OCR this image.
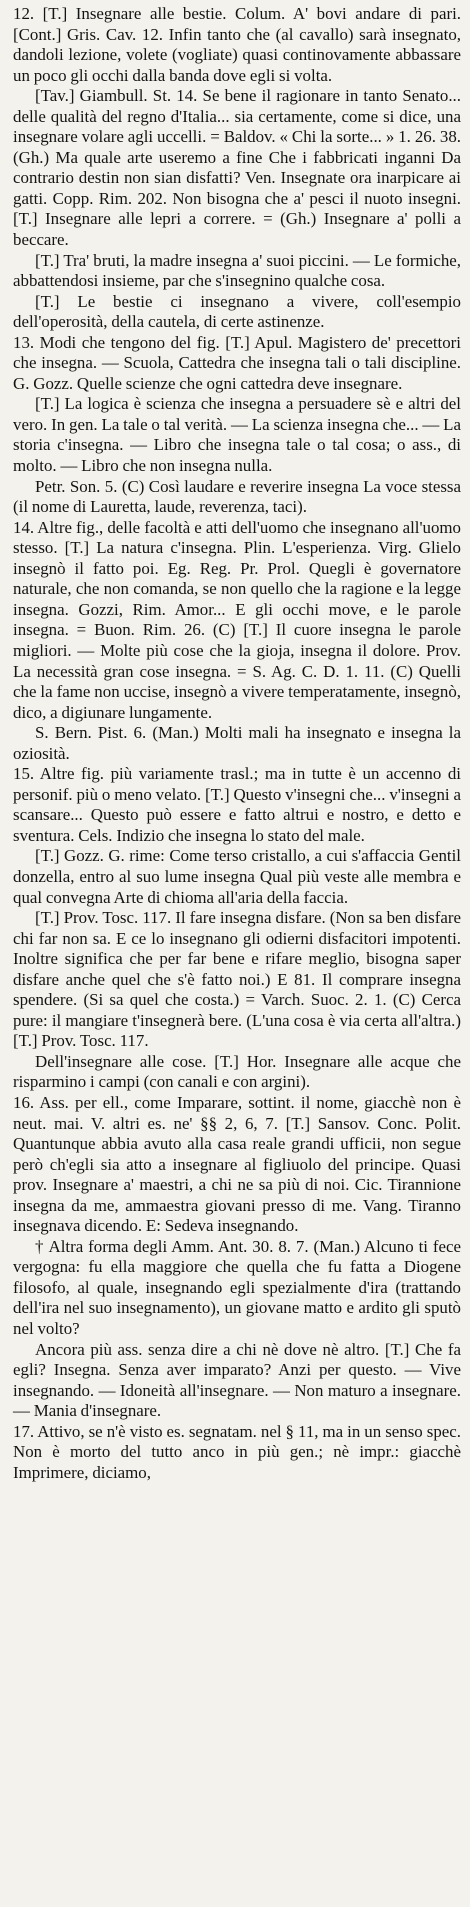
12. [T.] Insegnare alle bestie. Colum. A' bovi andare di pari. [Cont.] Gris. Cav. 12. Infin tanto che (al cavallo) sarà insegnato, dandoli lezione, volete (vogliate) quasi continovamente abbassare un poco gli occhi dalla banda dove egli si volta.

[Tav.] Giambull. St. 14. Se bene il ragionare in tanto Senato... delle qualità del regno d'Italia... sia certamente, come si dice, una insegnare volare agli uccelli. = Baldov. « Chi la sorte... » 1. 26. 38. (Gh.) Ma quale arte useremo a fine Che i fabbricati inganni Da contrario destin non sian disfatti? Ven. Insegnate ora inarpicare ai gatti. Copp. Rim. 202. Non bisogna che a' pesci il nuoto insegni. [T.] Insegnare alle lepri a correre. = (Gh.) Insegnare a' polli a beccare.

[T.] Tra' bruti, la madre insegna a' suoi piccini. — Le formiche, abbattendosi insieme, par che s'insegnino qualche cosa.

[T.] Le bestie ci insegnano a vivere, coll'esempio dell'operosità, della cautela, di certe astinenze.

13. Modi che tengono del fig. [T.] Apul. Magistero de' precettori che insegna. — Scuola, Cattedra che insegna tali o tali discipline. G. Gozz. Quelle scienze che ogni cattedra deve insegnare.

[T.] La logica è scienza che insegna a persuadere sè e altri del vero. In gen. La tale o tal verità. — La scienza insegna che... — La storia c'insegna. — Libro che insegna tale o tal cosa; o ass., di molto. — Libro che non insegna nulla.

Petr. Son. 5. (C) Così laudare e reverire insegna La voce stessa (il nome di Lauretta, laude, reverenza, taci).

14. Altre fig., delle facoltà e atti dell'uomo che insegnano all'uomo stesso. [T.] La natura c'insegna. Plin. L'esperienza. Virg. Glielo insegnò il fatto poi. Eg. Reg. Pr. Prol. Quegli è governatore naturale, che non comanda, se non quello che la ragione e la legge insegna. Gozzi, Rim. Amor... E gli occhi move, e le parole insegna. = Buon. Rim. 26. (C) [T.] Il cuore insegna le parole migliori. — Molte più cose che la gioja, insegna il dolore. Prov. La necessità gran cose insegna. = S. Ag. C. D. 1. 11. (C) Quelli che la fame non uccise, insegnò a vivere temperatamente, insegnò, dico, a digiunare lungamente.

S. Bern. Pist. 6. (Man.) Molti mali ha insegnato e insegna la oziosità.

15. Altre fig. più variamente trasl.; ma in tutte è un accenno di personif. più o meno velato. [T.] Questo v'insegni che... v'insegni a scansare... Questo può essere e fatto altrui e nostro, e detto e sventura. Cels. Indizio che insegna lo stato del male.

[T.] Gozz. G. rime: Come terso cristallo, a cui s'affaccia Gentil donzella, entro al suo lume insegna Qual più veste alle membra e qual convegna Arte di chioma all'aria della faccia.

[T.] Prov. Tosc. 117. Il fare insegna disfare. (Non sa ben disfare chi far non sa. E ce lo insegnano gli odierni disfacitori impotenti. Inoltre significa che per far bene e rifare meglio, bisogna saper disfare anche quel che s'è fatto noi.) E 81. Il comprare insegna spendere. (Si sa quel che costa.) = Varch. Suoc. 2. 1. (C) Cerca pure: il mangiare t'insegnerà bere. (L'una cosa è via certa all'altra.) [T.] Prov. Tosc. 117.

Dell'insegnare alle cose. [T.] Hor. Insegnare alle acque che risparmino i campi (con canali e con argini).

16. Ass. per ell., come Imparare, sottint. il nome, giacchè non è neut. mai. V. altri es. ne' §§ 2, 6, 7. [T.] Sansov. Conc. Polit. Quantunque abbia avuto alla casa reale grandi ufficii, non segue però ch'egli sia atto a insegnare al figliuolo del principe. Quasi prov. Insegnare a' maestri, a chi ne sa più di noi. Cic. Tirannione insegna da me, ammaestra giovani presso di me. Vang. Tiranno insegnava dicendo. E: Sedeva insegnando.

† Altra forma degli Amm. Ant. 30. 8. 7. (Man.) Alcuno ti fece vergogna: fu ella maggiore che quella che fu fatta a Diogene filosofo, al quale, insegnando egli spezialmente d'ira (trattando dell'ira nel suo insegnamento), un giovane matto e ardito gli sputò nel volto?

Ancora più ass. senza dire a chi nè dove nè altro. [T.] Che fa egli? Insegna. Senza aver imparato? Anzi per questo. — Vive insegnando. — Idoneità all'insegnare. — Non maturo a insegnare. — Mania d'insegnare.

17. Attivo, se n'è visto es. segnatam. nel § 11, ma in un senso spec. Non è morto del tutto anco in più gen.; nè impr.: giacchè Imprimere, diciamo,
